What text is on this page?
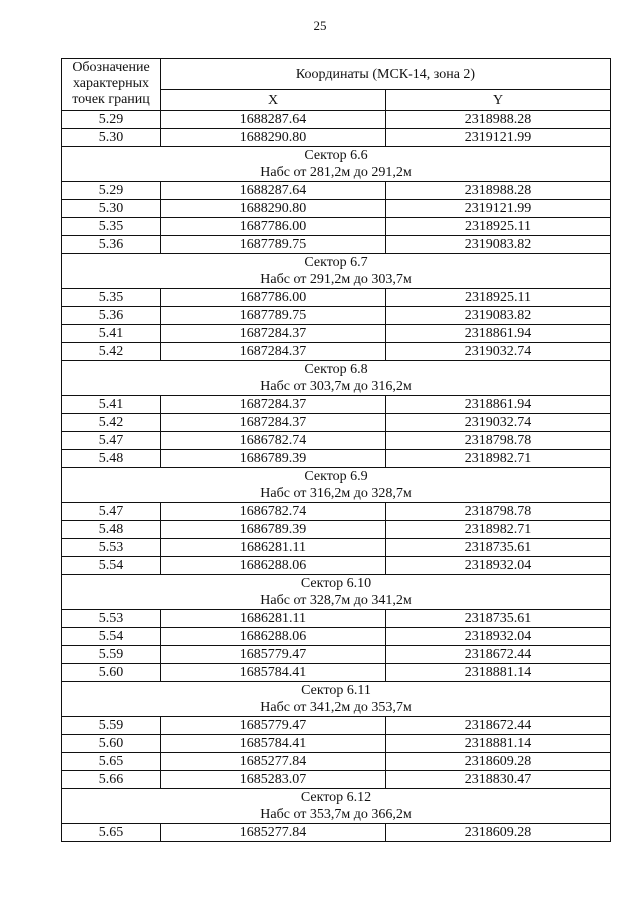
25
Обозначение характерных точек границ	Координаты (МСК-14, зона 2)	
	X	Y
5.29	1688287.64	2318988.28
5.30	1688290.80	2319121.99

Сектор 6.6
Набс от 281,2м до 291,2м		

5.29	1688287.64	2318988.28
5.30	1688290.80	2319121.99
5.35	1687786.00	2318925.11
5.36	1687789.75	2319083.82

Сектор 6.7
Набс от 291,2м до 303,7м		

5.35	1687786.00	2318925.11
5.36	1687789.75	2319083.82
5.41	1687284.37	2318861.94
5.42	1687284.37	2319032.74

Сектор 6.8
Набс от 303,7м до 316,2м		

5.41	1687284.37	2318861.94
5.42	1687284.37	2319032.74
5.47	1686782.74	2318798.78
5.48	1686789.39	2318982.71

Сектор 6.9
Набс от 316,2м до 328,7м		

5.47	1686782.74	2318798.78
5.48	1686789.39	2318982.71
5.53	1686281.11	2318735.61
5.54	1686288.06	2318932.04

Сектор 6.10
Набс от 328,7м до 341,2м		

5.53	1686281.11	2318735.61
5.54	1686288.06	2318932.04
5.59	1685779.47	2318672.44
5.60	1685784.41	2318881.14

Сектор 6.11
Набс от 341,2м до 353,7м		

5.59	1685779.47	2318672.44
5.60	1685784.41	2318881.14
5.65	1685277.84	2318609.28
5.66	1685283.07	2318830.47

Сектор 6.12
Набс от 353,7м до 366,2м		

5.65	1685277.84	2318609.28
